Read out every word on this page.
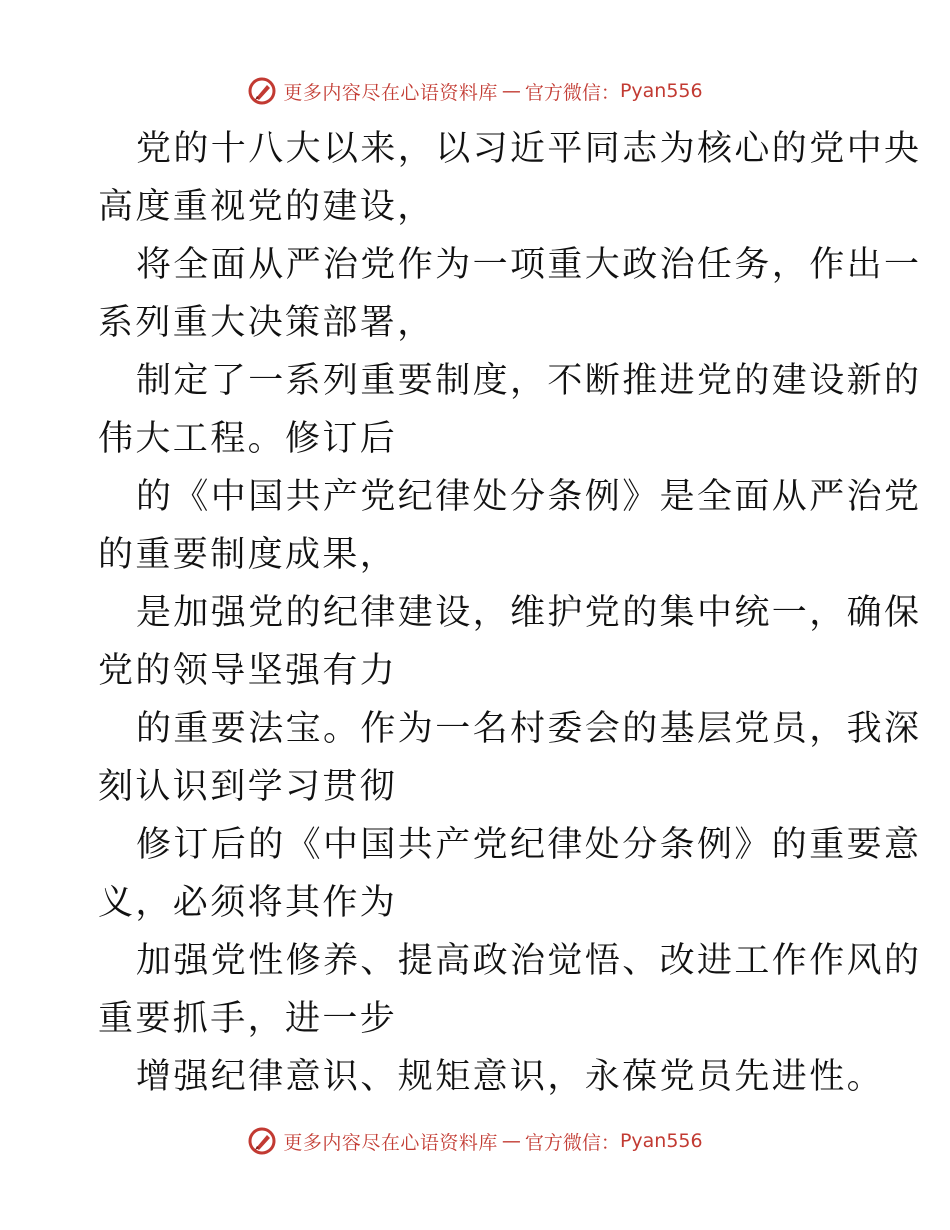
更多内容尽在心语资料库 — 官方微信： Pyan556
党的十八大以来，以习近平同志为核心的党中央
高度重视党的建设，
将全面从严治党作为一项重大政治任务，作出一
系列重大决策部署，
制定了一系列重要制度，不断推进党的建设新的
伟大工程。修订后
的《中国共产党纪律处分条例》是全面从严治党
的重要制度成果，
是加强党的纪律建设，维护党的集中统一，确保
党的领导坚强有力
的重要法宝。作为一名村委会的基层党员，我深
刻认识到学习贯彻
修订后的《中国共产党纪律处分条例》的重要意
义，必须将其作为
加强党性修养、提高政治觉悟、改进工作作风的
重要抓手，进一步
增强纪律意识、规矩意识，永葆党员先进性。
更多内容尽在心语资料库 — 官方微信： Pyan556
